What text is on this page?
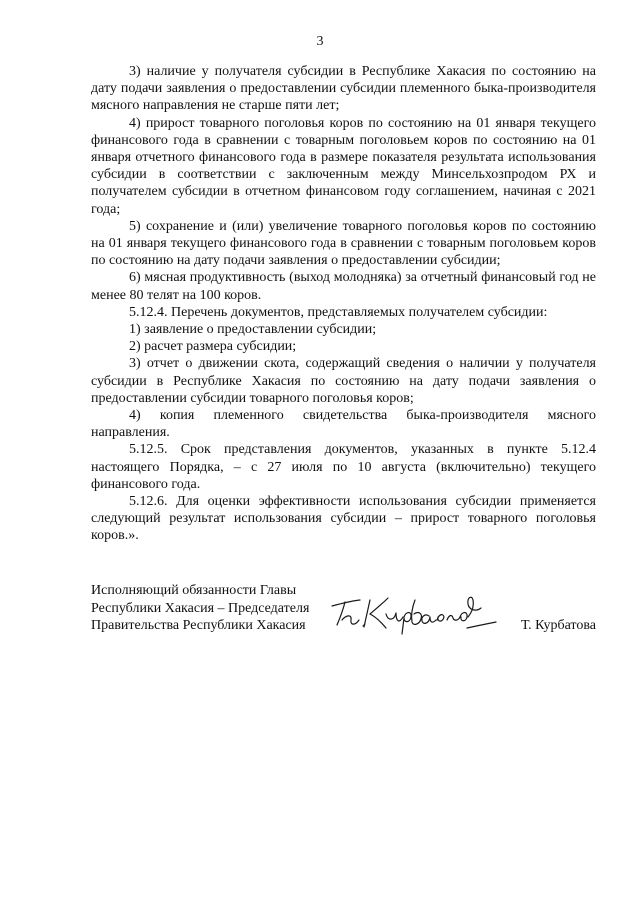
3

3) наличие у получателя субсидии в Республике Хакасия по состоянию на дату подачи заявления о предоставлении субсидии племенного быка-производителя мясного направления не старше пяти лет;

4) прирост товарного поголовья коров по состоянию на 01 января текущего финансового года в сравнении с товарным поголовьем коров по состоянию на 01 января отчетного финансового года в размере показателя результата использования субсидии в соответствии с заключенным между Минсельхозпродом РХ и получателем субсидии в отчетном финансовом году соглашением, начиная с 2021 года;

5) сохранение и (или) увеличение товарного поголовья коров по состоянию на 01 января текущего финансового года в сравнении с товарным поголовьем коров по состоянию на дату подачи заявления о предоставлении субсидии;

6) мясная продуктивность (выход молодняка) за отчетный финансовый год не менее 80 телят на 100 коров.

5.12.4. Перечень документов, представляемых получателем субсидии:

1) заявление о предоставлении субсидии;

2) расчет размера субсидии;

3) отчет о движении скота, содержащий сведения о наличии у получателя субсидии в Республике Хакасия по состоянию на дату подачи заявления о предоставлении субсидии товарного поголовья коров;

4) копия племенного свидетельства быка-производителя мясного направления.

5.12.5. Срок представления документов, указанных в пункте 5.12.4 настоящего Порядка, – с 27 июля по 10 августа (включительно) текущего финансового года.

5.12.6. Для оценки эффективности использования субсидии применяется следующий результат использования субсидии – прирост товарного поголовья коров.».

Исполняющий обязанности Главы
Республики Хакасия – Председателя
Правительства Республики Хакасия	Т. Курбатова
